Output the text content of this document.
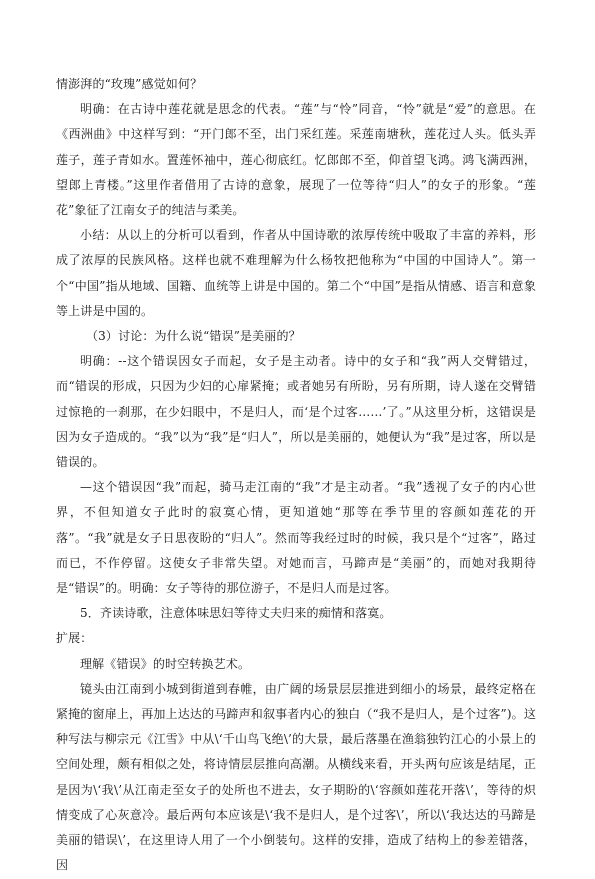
情澎湃的“玫瑰”感觉如何？

明确：在古诗中莲花就是思念的代表。“莲”与“怜”同音，“怜”就是“爱”的意思。在《西洲曲》中这样写到：“开门郎不至，出门采红莲。采莲南塘秋，莲花过人头。低头弄莲子，莲子青如水。置莲怀袖中，莲心彻底红。忆郎郎不至，仰首望飞鸿。鸿飞满西洲，望郎上青楼。”这里作者借用了古诗的意象，展现了一位等待“归人”的女子的形象。“莲花”象征了江南女子的纯洁与柔美。

小结：从以上的分析可以看到，作者从中国诗歌的浓厚传统中吸取了丰富的养料，形成了浓厚的民族风格。这样也就不难理解为什么杨牧把他称为“中国的中国诗人”。第一个“中国”指从地域、国籍、血统等上讲是中国的。第二个“中国”是指从情感、语言和意象等上讲是中国的。

（3）讨论：为什么说“错误”是美丽的？

明确：--这个错误因女子而起，女子是主动者。诗中的女子和“我”两人交臂错过，而“错误的形成，只因为少妇的心扉紧掩；或者她另有所盼，另有所期，诗人遂在交臂错过惊艳的一刹那，在少妇眼中，不是归人，而‘是个过客……’了。”从这里分析，这错误是因为女子造成的。“我”以为“我”是“归人”，所以是美丽的，她便认为“我”是过客，所以是错误的。

—这个错误因“我”而起，骑马走江南的“我”才是主动者。“我”透视了女子的内心世界，不但知道女子此时的寂寞心情，更知道她“那等在季节里的容颜如莲花的开落”。“我”就是女子日思夜盼的“归人”。然而等我经过时的时候，我只是个“过客”，路过而已，不作停留。这使女子非常失望。对她而言，马蹄声是“美丽”的，而她对我期待是“错误”的。明确：女子等待的那位游子，不是归人而是过客。

5．齐读诗歌，注意体味思妇等待丈夫归来的痴情和落寞。

扩展：

理解《错误》的时空转换艺术。

镜头由江南到小城到街道到春帷，由广阔的场景层层推进到细小的场景，最终定格在紧掩的窗扉上，再加上达达的马蹄声和叙事者内心的独白（“我不是归人，是个过客”)。这种写法与柳宗元《江雪》中从\‘千山鸟飞绝\’的大景，最后落墨在渔翁独钓江心的小景上的空间处理，颇有相似之处，将诗情层层推向高潮。从横线来看，开头两句应该是结尾，正是因为\‘我\’从江南走至女子的处所也不进去，女子期盼的\‘容颜如莲花开落\’，等待的炽情变成了心灰意冷。最后两句本应该是\‘我不是归人，是个过客\’，所以\‘我达达的马蹄是美丽的错误\’，在这里诗人用了一个小倒装句。这样的安排，造成了结构上的参差错落，因
